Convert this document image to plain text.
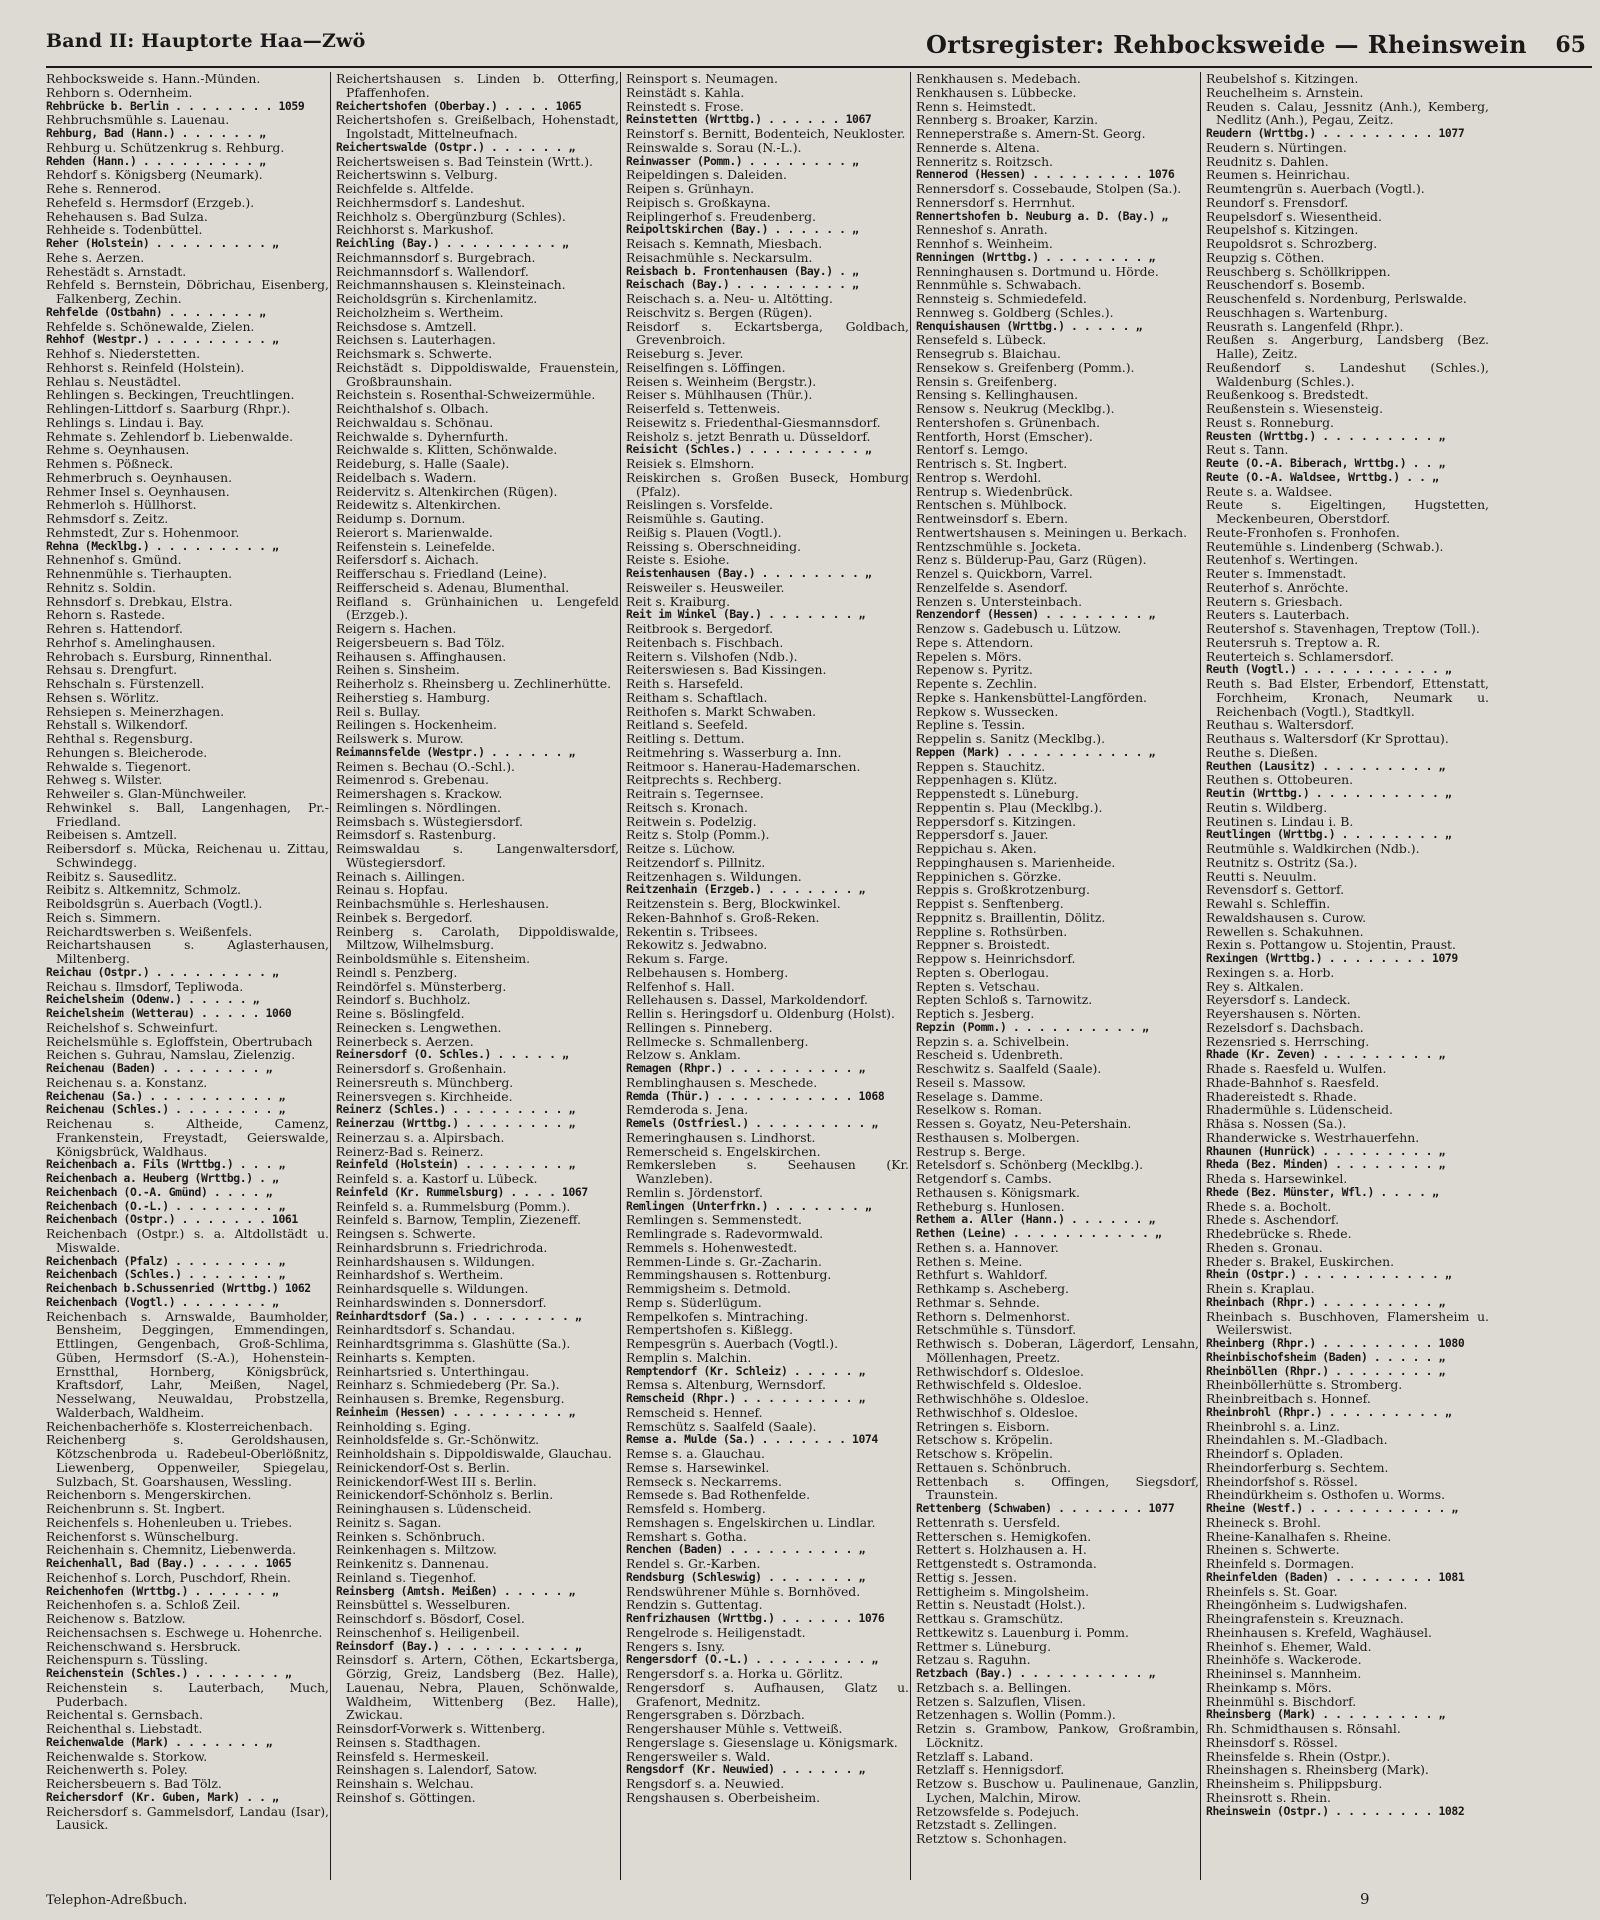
Band II: Hauptorte Haa—Zwö	Ortsregister: Rehbocksweide — Rheinswein 65

Rehbocksweide s. Hann.-Münden.

Rehborn s. Odernheim.

Rehbrücke b. Berlin . . . . . . . . 1059

Rehbruchsmühle s. Lauenau.

Rehburg, Bad (Hann.) . . . . . . „

Rehburg u. Schützenkrug s. Rehburg.

Rehden (Hann.) . . . . . . . . . „

Rehdorf s. Königsberg (Neumark).

Rehe s. Rennerod.

Rehefeld s. Hermsdorf (Erzgeb.).

Rehehausen s. Bad Sulza.

Rehheide s. Todenbüttel.

Reher (Holstein) . . . . . . . . . „

Rehe s. Aerzen.

Rehestädt s. Arnstadt.

Rehfeld s. Bernstein, Döbrichau, Eisenberg, Falkenberg, Zechin.

Rehfelde (Ostbahn) . . . . . . . „

Rehfelde s. Schönewalde, Zielen.

Rehhof (Westpr.) . . . . . . . . . „

Rehhof s. Niederstetten.

Rehhorst s. Reinfeld (Holstein).

Rehlau s. Neustädtel.

Rehlingen s. Beckingen, Treuchtlingen.

Rehlingen-Littdorf s. Saarburg (Rhpr.).

Rehlings s. Lindau i. Bay.

Rehmate s. Zehlendorf b. Liebenwalde.

Rehme s. Oeynhausen.

Rehmen s. Pößneck.

Rehmerbruch s. Oeynhausen.

Rehmer Insel s. Oeynhausen.

Rehmerloh s. Hüllhorst.

Rehmsdorf s. Zeitz.

Rehmstedt, Zur s. Hohenmoor.

Rehna (Mecklbg.) . . . . . . . . . „

Rehnenhof s. Gmünd.

Rehnenmühle s. Tierhaupten.

Rehnitz s. Soldin.

Rehnsdorf s. Drebkau, Elstra.

Rehorn s. Rastede.

Rehren s. Hattendorf.

Rehrhof s. Amelinghausen.

Rehrobach s. Eursburg, Rinnenthal.

Rehsau s. Drengfurt.

Rehschaln s. Fürstenzell.

Rehsen s. Wörlitz.

Rehsiepen s. Meinerzhagen.

Rehstall s. Wilkendorf.

Rehthal s. Regensburg.

Rehungen s. Bleicherode.

Rehwalde s. Tiegenort.

Rehweg s. Wilster.

Rehweiler s. Glan-Münchweiler.

Rehwinkel s. Ball, Langenhagen, Pr.-Friedland.

Reibeisen s. Amtzell.

Reibersdorf s. Mücka, Reichenau u. Zittau, Schwindegg.

Reibitz s. Sausedlitz.

Reibitz s. Altkemnitz, Schmolz.

Reiboldsgrün s. Auerbach (Vogtl.).

Reich s. Simmern.

Reichardtswerben s. Weißenfels.

Reichartshausen s. Aglasterhausen, Miltenberg.

Reichau (Ostpr.) . . . . . . . . . „

Reichau s. Ilmsdorf, Tepliwoda.

Reichelsheim (Odenw.) . . . . . „

Reichelsheim (Wetterau) . . . . . 1060

Reichelshof s. Schweinfurt.

Reichelsmühle s. Egloffstein, Obertrubach

Reichen s. Guhrau, Namslau, Zielenzig.

Reichenau (Baden) . . . . . . . . „

Reichenau s. a. Konstanz.

Reichenau (Sa.) . . . . . . . . . . „

Reichenau (Schles.) . . . . . . . . „

Reichenau s. Altheide, Camenz, Frankenstein, Freystadt, Geierswalde, Königsbrück, Waldhaus.

Reichenbach a. Fils (Wrttbg.) . . . „

Reichenbach a. Heuberg (Wrttbg.) . „

Reichenbach (O.-A. Gmünd) . . . . „

Reichenbach (O.-L.) . . . . . . . . „

Reichenbach (Ostpr.) . . . . . . . 1061

Reichenbach (Ostpr.) s. a. Altdollstädt u. Miswalde.

Reichenbach (Pfalz) . . . . . . . . „

Reichenbach (Schles.) . . . . . . . „

Reichenbach b.Schussenried (Wrttbg.) 1062

Reichenbach (Vogtl.) . . . . . . . „

Reichenbach s. Arnswalde, Baumholder, Bensheim, Deggingen, Emmendingen, Ettlingen, Gengenbach, Groß-Schlima, Güben, Hermsdorf (S.-A.), Hohenstein-Ernstthal, Hornberg, Königsbrück, Kraftsdorf, Lahr, Meißen, Nagel, Nesselwang, Neuwaldau, Probstzella, Walderbach, Waldheim.

Reichenbacherhöfe s. Klosterreichenbach.

Reichenberg s. Geroldshausen, Kötzschenbroda u. Radebeul-Oberlößnitz, Liewenberg, Oppenweiler, Spiegelau, Sulzbach, St. Goarshausen, Wessling.

Reichenborn s. Mengerskirchen.

Reichenbrunn s. St. Ingbert.

Reichenfels s. Hohenleuben u. Triebes.

Reichenforst s. Wünschelburg.

Reichenhain s. Chemnitz, Liebenwerda.

Reichenhall, Bad (Bay.) . . . . . 1065

Reichenhof s. Lorch, Puschdorf, Rhein.

Reichenhofen (Wrttbg.) . . . . . . „

Reichenhofen s. a. Schloß Zeil.

Reichenow s. Batzlow.

Reichensachsen s. Eschwege u. Hohenrche.

Reichenschwand s. Hersbruck.

Reichenspurn s. Tüssling.

Reichenstein (Schles.) . . . . . . . „

Reichenstein s. Lauterbach, Much, Puderbach.

Reichental s. Gernsbach.

Reichenthal s. Liebstadt.

Reichenwalde (Mark) . . . . . . . „

Reichenwalde s. Storkow.

Reichenwerth s. Poley.

Reichersbeuern s. Bad Tölz.

Reichersdorf (Kr. Guben, Mark) . . „

Reichersdorf s. Gammelsdorf, Landau (Isar), Lausick.

Reichertshausen s. Linden b. Otterfing, Pfaffenhofen.

Reichertshofen (Oberbay.) . . . . 1065

Reichertshofen s. Greißelbach, Hohenstadt, Ingolstadt, Mittelneufnach.

Reichertswalde (Ostpr.) . . . . . . „

Reichertsweisen s. Bad Teinstein (Wrtt.).

Reichertswinn s. Velburg.

Reichfelde s. Altfelde.

Reichhermsdorf s. Landeshut.

Reichholz s. Obergünzburg (Schles).

Reichhorst s. Markushof.

Reichling (Bay.) . . . . . . . . . „

Reichmannsdorf s. Burgebrach.

Reichmannsdorf s. Wallendorf.

Reichmannshausen s. Kleinsteinach.

Reicholdsgrün s. Kirchenlamitz.

Reicholzheim s. Wertheim.

Reichsdose s. Amtzell.

Reichsen s. Lauterhagen.

Reichsmark s. Schwerte.

Reichstädt s. Dippoldiswalde, Frauenstein, Großbraunshain.

Reichstein s. Rosenthal-Schweizermühle.

Reichthalshof s. Olbach.

Reichwaldau s. Schönau.

Reichwalde s. Dyhernfurth.

Reichwalde s. Klitten, Schönwalde.

Reideburg, s. Halle (Saale).

Reidelbach s. Wadern.

Reidervitz s. Altenkirchen (Rügen).

Reidewitz s. Altenkirchen.

Reidump s. Dornum.

Reierort s. Marienwalde.

Reifenstein s. Leinefelde.

Reifersdorf s. Aichach.

Reifferschau s. Friedland (Leine).

Reifferscheid s. Adenau, Blumenthal.

Reifland s. Grünhainichen u. Lengefeld (Erzgeb.).

Reigern s. Hachen.

Reigersbeuern s. Bad Tölz.

Reihausen s. Affinghausen.

Reihen s. Sinsheim.

Reiherholz s. Rheinsberg u. Zechlinerhütte.

Reiherstieg s. Hamburg.

Reil s. Bullay.

Reilingen s. Hockenheim.

Reilswerk s. Murow.

Reimannsfelde (Westpr.) . . . . . . „

Reimen s. Bechau (O.-Schl.).

Reimenrod s. Grebenau.

Reimershagen s. Krackow.

Reimlingen s. Nördlingen.

Reimsbach s. Wüstegiersdorf.

Reimsdorf s. Rastenburg.

Reimswaldau s. Langenwaltersdorf, Wüstegiersdorf.

Reinach s. Aillingen.

Reinau s. Hopfau.

Reinbachsmühle s. Herleshausen.

Reinbek s. Bergedorf.

Reinberg s. Carolath, Dippoldiswalde, Miltzow, Wilhelmsburg.

Reinboldsmühle s. Eitensheim.

Reindl s. Penzberg.

Reindörfel s. Münsterberg.

Reindorf s. Buchholz.

Reine s. Böslingfeld.

Reinecken s. Lengwethen.

Reinerbeck s. Aerzen.

Reinersdorf (O. Schles.) . . . . . „

Reinersdorf s. Großenhain.

Reinersreuth s. Münchberg.

Reinersvegen s. Kirchheide.

Reinerz (Schles.) . . . . . . . . . „

Reinerzau (Wrttbg.) . . . . . . . . „

Reinerzau s. a. Alpirsbach.

Reinerz-Bad s. Reinerz.

Reinfeld (Holstein) . . . . . . . . „

Reinfeld s. a. Kastorf u. Lübeck.

Reinfeld (Kr. Rummelsburg) . . . . 1067

Reinfeld s. a. Rummelsburg (Pomm.).

Reinfeld s. Barnow, Templin, Ziezeneff.

Reingsen s. Schwerte.

Reinhardsbrunn s. Friedrichroda.

Reinhardshausen s. Wildungen.

Reinhardshof s. Wertheim.

Reinhardsquelle s. Wildungen.

Reinhardswinden s. Donnersdorf.

Reinhardtsdorf (Sa.) . . . . . . . . „

Reinhardtsdorf s. Schandau.

Reinhardtsgrimma s. Glashütte (Sa.).

Reinharts s. Kempten.

Reinhartsried s. Unterthingau.

Reinharz s. Schmiedeberg (Pr. Sa.).

Reinhausen s. Bremke, Regensburg.

Reinheim (Hessen) . . . . . . . . . „

Reinholding s. Eging.

Reinholdsfelde s. Gr.-Schönwitz.

Reinholdshain s. Dippoldiswalde, Glauchau.

Reinickendorf-Ost s. Berlin.

Reinickendorf-West III s. Berlin.

Reinickendorf-Schönholz s. Berlin.

Reininghausen s. Lüdenscheid.

Reinitz s. Sagan.

Reinken s. Schönbruch.

Reinkenhagen s. Miltzow.

Reinkenitz s. Dannenau.

Reinland s. Tiegenhof.

Reinsberg (Amtsh. Meißen) . . . . . „

Reinsbüttel s. Wesselburen.

Reinschdorf s. Bösdorf, Cosel.

Reinschenhof s. Heiligenbeil.

Reinsdorf (Bay.) . . . . . . . . . . „

Reinsdorf s. Artern, Cöthen, Eckartsberga, Görzig, Greiz, Landsberg (Bez. Halle), Lauenau, Nebra, Plauen, Schönwalde, Waldheim, Wittenberg (Bez. Halle), Zwickau.

Reinsdorf-Vorwerk s. Wittenberg.

Reinsen s. Stadthagen.

Reinsfeld s. Hermeskeil.

Reinshagen s. Lalendorf, Satow.

Reinshain s. Welchau.

Reinshof s. Göttingen.

Reinsport s. Neumagen.

Reinstädt s. Kahla.

Reinstedt s. Frose.

Reinstetten (Wrttbg.) . . . . . . 1067

Reinstorf s. Bernitt, Bodenteich, Neukloster.

Reinswalde s. Sorau (N.-L.).

Reinwasser (Pomm.) . . . . . . . . „

Reipeldingen s. Daleiden.

Reipen s. Grünhayn.

Reipisch s. Großkayna.

Reiplingerhof s. Freudenberg.

Reipoltskirchen (Bay.) . . . . . . „

Reisach s. Kemnath, Miesbach.

Reisachmühle s. Neckarsulm.

Reisbach b. Frontenhausen (Bay.) . „

Reischach (Bay.) . . . . . . . . . „

Reischach s. a. Neu- u. Altötting.

Reischvitz s. Bergen (Rügen).

Reisdorf s. Eckartsberga, Goldbach, Grevenbroich.

Reiseburg s. Jever.

Reiselfingen s. Löffingen.

Reisen s. Weinheim (Bergstr.).

Reiser s. Mühlhausen (Thür.).

Reiserfeld s. Tettenweis.

Reisewitz s. Friedenthal-Giesmannsdorf.

Reisholz s. jetzt Benrath u. Düsseldorf.

Reisicht (Schles.) . . . . . . . . . „

Reisiek s. Elmshorn.

Reiskirchen s. Großen Buseck, Homburg (Pfalz).

Reislingen s. Vorsfelde.

Reismühle s. Gauting.

Reißig s. Plauen (Vogtl.).

Reissing s. Oberschneiding.

Reiste s. Esiohe.

Reistenhausen (Bay.) . . . . . . . . „

Reisweiler s. Heusweiler.

Reit s. Kraiburg.

Reit im Winkel (Bay.) . . . . . . . „

Reitbrook s. Bergedorf.

Reitenbach s. Fischbach.

Reitern s. Vilshofen (Ndb.).

Reiterswiesen s. Bad Kissingen.

Reith s. Harsefeld.

Reitham s. Schaftlach.

Reithofen s. Markt Schwaben.

Reitland s. Seefeld.

Reitling s. Dettum.

Reitmehring s. Wasserburg a. Inn.

Reitmoor s. Hanerau-Hademarschen.

Reitprechts s. Rechberg.

Reitrain s. Tegernsee.

Reitsch s. Kronach.

Reitwein s. Podelzig.

Reitz s. Stolp (Pomm.).

Reitze s. Lüchow.

Reitzendorf s. Pillnitz.

Reitzenhagen s. Wildungen.

Reitzenhain (Erzgeb.) . . . . . . . „

Reitzenstein s. Berg, Blockwinkel.

Reken-Bahnhof s. Groß-Reken.

Rekentin s. Tribsees.

Rekowitz s. Jedwabno.

Rekum s. Farge.

Relbehausen s. Homberg.

Relfenhof s. Hall.

Rellehausen s. Dassel, Markoldendorf.

Rellin s. Heringsdorf u. Oldenburg (Holst).

Rellingen s. Pinneberg.

Rellmecke s. Schmallenberg.

Relzow s. Anklam.

Remagen (Rhpr.) . . . . . . . . . . „

Remblinghausen s. Meschede.

Remda (Thür.) . . . . . . . . . . . 1068

Remderoda s. Jena.

Remels (Ostfriesl.) . . . . . . . . . „

Remeringhausen s. Lindhorst.

Remerscheid s. Engelskirchen.

Remkersleben s. Seehausen (Kr. Wanzleben).

Remlin s. Jördenstorf.

Remlingen (Unterfrkn.) . . . . . . . „

Remlingen s. Semmenstedt.

Remlingrade s. Radevormwald.

Remmels s. Hohenwestedt.

Remmen-Linde s. Gr.-Zacharin.

Remmingshausen s. Rottenburg.

Remmigsheim s. Detmold.

Remp s. Süderlügum.

Rempelkofen s. Mintraching.

Rempertshofen s. Kißlegg.

Rempesgrün s. Auerbach (Vogtl.).

Remplin s. Malchin.

Remptendorf (Kr. Schleiz) . . . . . „

Remsa s. Altenburg, Wernsdorf.

Remscheid (Rhpr.) . . . . . . . . . „

Remscheid s. Hennef.

Remschütz s. Saalfeld (Saale).

Remse a. Mulde (Sa.) . . . . . . . 1074

Remse s. a. Glauchau.

Remse s. Harsewinkel.

Remseck s. Neckarrems.

Remsede s. Bad Rothenfelde.

Remsfeld s. Homberg.

Remshagen s. Engelskirchen u. Lindlar.

Remshart s. Gotha.

Renchen (Baden) . . . . . . . . . . „

Rendel s. Gr.-Karben.

Rendsburg (Schleswig) . . . . . . . „

Rendswührener Mühle s. Bornhöved.

Rendzin s. Guttentag.

Renfrizhausen (Wrttbg.) . . . . . . 1076

Rengelrode s. Heiligenstadt.

Rengers s. Isny.

Rengersdorf (O.-L.) . . . . . . . . . „

Rengersdorf s. a. Horka u. Görlitz.

Rengersdorf s. Aufhausen, Glatz u. Grafenort, Mednitz.

Rengersgraben s. Dörzbach.

Rengershauser Mühle s. Vettweiß.

Rengerslage s. Giesenslage u. Königsmark.

Rengersweiler s. Wald.

Rengsdorf (Kr. Neuwied) . . . . . . „

Rengsdorf s. a. Neuwied.

Rengshausen s. Oberbeisheim.

Renkhausen s. Medebach.

Renkhausen s. Lübbecke.

Renn s. Heimstedt.

Rennberg s. Broaker, Karzin.

Renneperstraße s. Amern-St. Georg.

Rennerde s. Altena.

Renneritz s. Roitzsch.

Rennerod (Hessen) . . . . . . . . . 1076

Rennersdorf s. Cossebaude, Stolpen (Sa.).

Rennersdorf s. Herrnhut.

Rennertshofen b. Neuburg a. D. (Bay.) „

Renneshof s. Anrath.

Rennhof s. Weinheim.

Renningen (Wrttbg.) . . . . . . . . „

Renninghausen s. Dortmund u. Hörde.

Rennmühle s. Schwabach.

Rennsteig s. Schmiedefeld.

Rennweg s. Goldberg (Schles.).

Renquishausen (Wrttbg.) . . . . . „

Rensefeld s. Lübeck.

Rensegrub s. Blaichau.

Rensekow s. Greifenberg (Pomm.).

Rensin s. Greifenberg.

Rensing s. Kellinghausen.

Rensow s. Neukrug (Mecklbg.).

Rentershofen s. Grünenbach.

Rentforth, Horst (Emscher).

Rentorf s. Lemgo.

Rentrisch s. St. Ingbert.

Rentrop s. Werdohl.

Rentrup s. Wiedenbrück.

Rentschen s. Mühlbock.

Rentweinsdorf s. Ebern.

Rentwertshausen s. Meiningen u. Berkach.

Rentzschmühle s. Jocketa.

Renz s. Bülderup-Pau, Garz (Rügen).

Renzel s. Quickborn, Varrel.

Renzelfelde s. Asendorf.

Renzen s. Untersteinbach.

Renzendorf (Hessen) . . . . . . . . „

Renzow s. Gadebusch u. Lützow.

Repe s. Attendorn.

Repelen s. Mörs.

Repenow s. Pyritz.

Repente s. Zechlin.

Repke s. Hankensbüttel-Langförden.

Repkow s. Wussecken.

Repline s. Tessin.

Reppelin s. Sanitz (Mecklbg.).

Reppen (Mark) . . . . . . . . . . . „

Reppen s. Stauchitz.

Reppenhagen s. Klütz.

Reppenstedt s. Lüneburg.

Reppentin s. Plau (Mecklbg.).

Reppersdorf s. Kitzingen.

Reppersdorf s. Jauer.

Reppichau s. Aken.

Reppinghausen s. Marienheide.

Reppinichen s. Görzke.

Reppis s. Großkrotzenburg.

Reppist s. Senftenberg.

Reppnitz s. Braillentin, Dölitz.

Reppline s. Rothsürben.

Reppner s. Broistedt.

Reppow s. Heinrichsdorf.

Repten s. Oberlogau.

Repten s. Vetschau.

Repten Schloß s. Tarnowitz.

Reptich s. Jesberg.

Repzin (Pomm.) . . . . . . . . . . „

Repzin s. a. Schivelbein.

Rescheid s. Udenbreth.

Reschwitz s. Saalfeld (Saale).

Reseil s. Massow.

Reselage s. Damme.

Reselkow s. Roman.

Ressen s. Goyatz, Neu-Petershain.

Resthausen s. Molbergen.

Restrup s. Berge.

Retelsdorf s. Schönberg (Mecklbg.).

Retgendorf s. Cambs.

Rethausen s. Königsmark.

Retheburg s. Hunlosen.

Rethem a. Aller (Hann.) . . . . . . „

Rethen (Leine) . . . . . . . . . . . „

Rethen s. a. Hannover.

Rethen s. Meine.

Rethfurt s. Wahldorf.

Rethkamp s. Ascheberg.

Rethmar s. Sehnde.

Rethorn s. Delmenhorst.

Retschmühle s. Tünsdorf.

Rethwisch s. Doberan, Lägerdorf, Lensahn, Möllenhagen, Preetz.

Rethwischdorf s. Oldesloe.

Rethwischfeld s. Oldesloe.

Rethwischhöhe s. Oldesloe.

Rethwischhof s. Oldesloe.

Retringen s. Eisborn.

Retschow s. Kröpelin.

Retschow s. Kröpelin.

Rettauen s. Schönbruch.

Rettenbach s. Offingen, Siegsdorf, Traunstein.

Rettenberg (Schwaben) . . . . . . . 1077

Rettenrath s. Uersfeld.

Retterschen s. Hemigkofen.

Rettert s. Holzhausen a. H.

Rettgenstedt s. Ostramonda.

Rettig s. Jessen.

Rettigheim s. Mingolsheim.

Rettin s. Neustadt (Holst.).

Rettkau s. Gramschütz.

Rettkewitz s. Lauenburg i. Pomm.

Rettmer s. Lüneburg.

Retzau s. Raguhn.

Retzbach (Bay.) . . . . . . . . . . „

Retzbach s. a. Bellingen.

Retzen s. Salzuflen, Vlisen.

Retzenhagen s. Wollin (Pomm.).

Retzin s. Grambow, Pankow, Großrambin, Löcknitz.

Retzlaff s. Laband.

Retzlaff s. Hennigsdorf.

Retzow s. Buschow u. Paulinenaue, Ganzlin, Lychen, Malchin, Mirow.

Retzowsfelde s. Podejuch.

Retzstadt s. Zellingen.

Retztow s. Schonhagen.

Reubelshof s. Kitzingen.

Reuchelheim s. Arnstein.

Reuden s. Calau, Jessnitz (Anh.), Kemberg, Nedlitz (Anh.), Pegau, Zeitz.

Reudern (Wrttbg.) . . . . . . . . . 1077

Reudern s. Nürtingen.

Reudnitz s. Dahlen.

Reumen s. Heinrichau.

Reumtengrün s. Auerbach (Vogtl.).

Reundorf s. Frensdorf.

Reupelsdorf s. Wiesentheid.

Reupelshof s. Kitzingen.

Reupoldsrot s. Schrozberg.

Reupzig s. Cöthen.

Reuschberg s. Schöllkrippen.

Reuschendorf s. Bosemb.

Reuschenfeld s. Nordenburg, Perlswalde.

Reuschhagen s. Wartenburg.

Reusrath s. Langenfeld (Rhpr.).

Reußen s. Angerburg, Landsberg (Bez. Halle), Zeitz.

Reußendorf s. Landeshut (Schles.), Waldenburg (Schles.).

Reußenkoog s. Bredstedt.

Reußenstein s. Wiesensteig.

Reust s. Ronneburg.

Reusten (Wrttbg.) . . . . . . . . . „

Reut s. Tann.

Reute (O.-A. Biberach, Wrttbg.) . . „

Reute (O.-A. Waldsee, Wrttbg.) . . „

Reute s. a. Waldsee.

Reute s. Eigeltingen, Hugstetten, Meckenbeuren, Oberstdorf.

Reute-Fronhofen s. Fronhofen.

Reutemühle s. Lindenberg (Schwab.).

Reutenhof s. Wertingen.

Reuter s. Immenstadt.

Reuterhof s. Anröchte.

Reutern s. Griesbach.

Reuters s. Lauterbach.

Reutershof s. Stavenhagen, Treptow (Toll.).

Reutersruh s. Treptow a. R.

Reuterteich s. Schlamersdorf.

Reuth (Vogtl.) . . . . . . . . . . . „

Reuth s. Bad Elster, Erbendorf, Ettenstatt, Forchheim, Kronach, Neumark u. Reichenbach (Vogtl.), Stadtkyll.

Reuthau s. Waltersdorf.

Reuthaus s. Waltersdorf (Kr Sprottau).

Reuthe s. Dießen.

Reuthen (Lausitz) . . . . . . . . . „

Reuthen s. Ottobeuren.

Reutin (Wrttbg.) . . . . . . . . . . „

Reutin s. Wildberg.

Reutinen s. Lindau i. B.

Reutlingen (Wrttbg.) . . . . . . . . „

Reutmühle s. Waldkirchen (Ndb.).

Reutnitz s. Ostritz (Sa.).

Reutti s. Neuulm.

Revensdorf s. Gettorf.

Rewahl s. Schleffin.

Rewaldshausen s. Curow.

Rewellen s. Schakuhnen.

Rexin s. Pottangow u. Stojentin, Praust.

Rexingen (Wrttbg.) . . . . . . . . 1079

Rexingen s. a. Horb.

Rey s. Altkalen.

Reyersdorf s. Landeck.

Reyershausen s. Nörten.

Rezelsdorf s. Dachsbach.

Rezensried s. Herrsching.

Rhade (Kr. Zeven) . . . . . . . . . „

Rhade s. Raesfeld u. Wulfen.

Rhade-Bahnhof s. Raesfeld.

Rhadereistedt s. Rhade.

Rhadermühle s. Lüdenscheid.

Rhäsa s. Nossen (Sa.).

Rhanderwicke s. Westrhauerfehn.

Rhaunen (Hunrück) . . . . . . . . . „

Rheda (Bez. Minden) . . . . . . . . „

Rheda s. Harsewinkel.

Rhede (Bez. Münster, Wfl.) . . . . „

Rhede s. a. Bocholt.

Rhede s. Aschendorf.

Rhedebrücke s. Rhede.

Rheden s. Gronau.

Rheder s. Brakel, Euskirchen.

Rhein (Ostpr.) . . . . . . . . . . . „

Rhein s. Kraplau.

Rheinbach (Rhpr.) . . . . . . . . . „

Rheinbach s. Buschhoven, Flamersheim u. Weilerswist.

Rheinberg (Rhpr.) . . . . . . . . . 1080

Rheinbischofsheim (Baden) . . . . . „

Rheinböllen (Rhpr.) . . . . . . . . „

Rheinböllerhütte s. Stromberg.

Rheinbreitbach s. Honnef.

Rheinbrohl (Rhpr.) . . . . . . . . . „

Rheinbrohl s. a. Linz.

Rheindahlen s. M.-Gladbach.

Rheindorf s. Opladen.

Rheindorferburg s. Sechtem.

Rheindorfshof s. Rössel.

Rheindürkheim s. Osthofen u. Worms.

Rheine (Westf.) . . . . . . . . . . . „

Rheineck s. Brohl.

Rheine-Kanalhafen s. Rheine.

Rheinen s. Schwerte.

Rheinfeld s. Dormagen.

Rheinfelden (Baden) . . . . . . . . 1081

Rheinfels s. St. Goar.

Rheingönheim s. Ludwigshafen.

Rheingrafenstein s. Kreuznach.

Rheinhausen s. Krefeld, Waghäusel.

Rheinhof s. Ehemer, Wald.

Rheinhöfe s. Wackerode.

Rheininsel s. Mannheim.

Rheinkamp s. Mörs.

Rheinmühl s. Bischdorf.

Rheinsberg (Mark) . . . . . . . . . „

Rh. Schmidthausen s. Rönsahl.

Rheinsdorf s. Rössel.

Rheinsfelde s. Rhein (Ostpr.).

Rheinshagen s. Rheinsberg (Mark).

Rheinsheim s. Philippsburg.

Rheinsrott s. Rhein.

Rheinswein (Ostpr.) . . . . . . . . 1082

Telephon-Adreßbuch.	9
